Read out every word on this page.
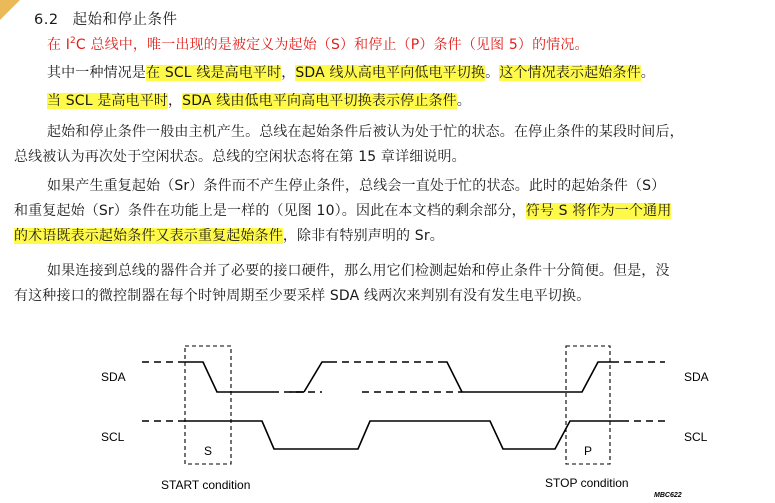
6.2 起始和停止条件
在 $I^2C$ 总线中，唯一出现的是被定义为起始（S）和停止（P）条件（见图 5）的情况。
其中一种情况是在 SCL 线是高电平时，SDA 线从高电平向低电平切换。这个情况表示起始条件。
当 SCL 是高电平时，SDA 线由低电平向高电平切换表示停止条件。
起始和停止条件一般由主机产生。总线在起始条件后被认为处于忙的状态。在停止条件的某段时间后，
总线被认为再次处于空闲状态。总线的空闲状态将在第 15 章详细说明。
如果产生重复起始（Sr）条件而不产生停止条件，总线会一直处于忙的状态。此时的起始条件（S）
和重复起始（Sr）条件在功能上是一样的（见图 10）。因此在本文档的剩余部分，符号 S 将作为一个通用
的术语既表示起始条件又表示重复起始条件，除非有特别声明的 Sr。
如果连接到总线的器件合并了必要的接口硬件，那么用它们检测起始和停止条件十分简便。但是，没
有这种接口的微控制器在每个时钟周期至少要采样 SDA 线两次来判别有没有发生电平切换。
SDA	SDA
SCL	SCL
S	P
START condition	STOP condition
MBC622
